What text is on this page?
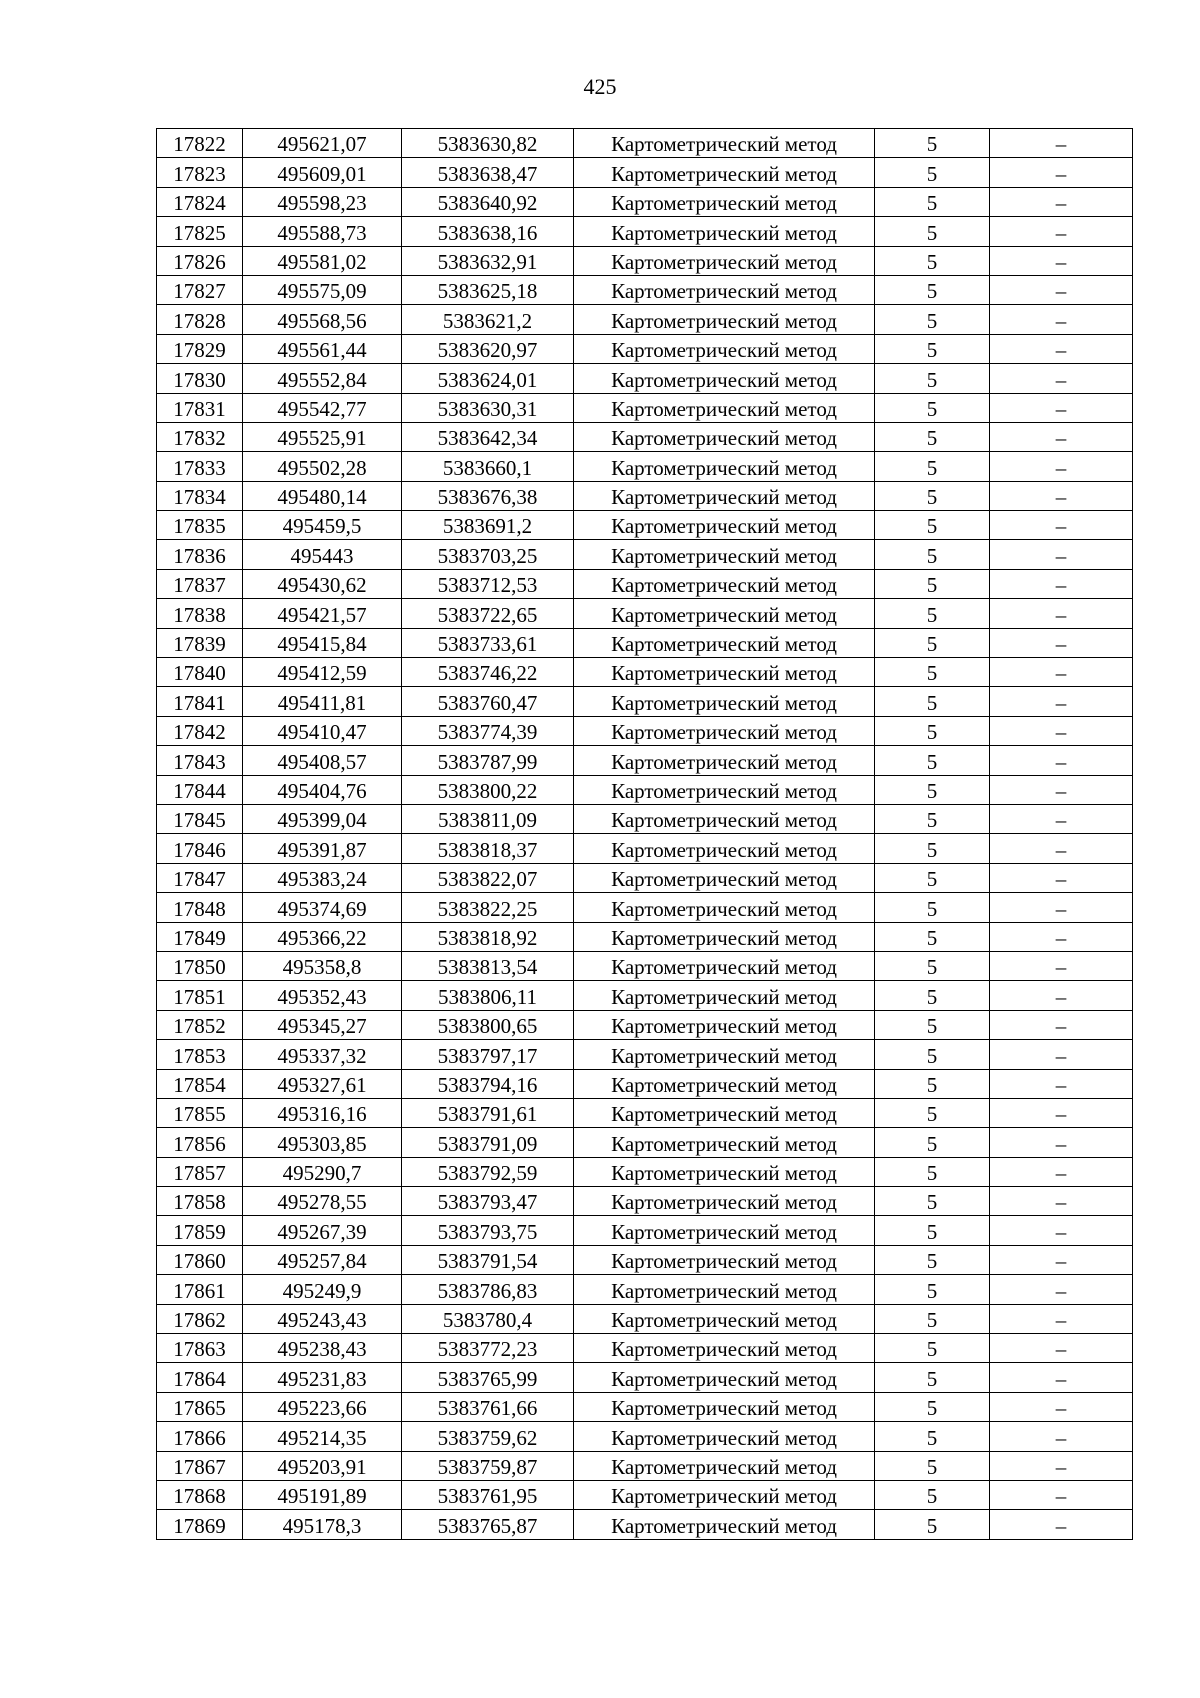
425
17822	495621,07	5383630,82	Картометрический метод	5	–
17823	495609,01	5383638,47	Картометрический метод	5	–
17824	495598,23	5383640,92	Картометрический метод	5	–
17825	495588,73	5383638,16	Картометрический метод	5	–
17826	495581,02	5383632,91	Картометрический метод	5	–
17827	495575,09	5383625,18	Картометрический метод	5	–
17828	495568,56	5383621,2	Картометрический метод	5	–
17829	495561,44	5383620,97	Картометрический метод	5	–
17830	495552,84	5383624,01	Картометрический метод	5	–
17831	495542,77	5383630,31	Картометрический метод	5	–
17832	495525,91	5383642,34	Картометрический метод	5	–
17833	495502,28	5383660,1	Картометрический метод	5	–
17834	495480,14	5383676,38	Картометрический метод	5	–
17835	495459,5	5383691,2	Картометрический метод	5	–
17836	495443	5383703,25	Картометрический метод	5	–
17837	495430,62	5383712,53	Картометрический метод	5	–
17838	495421,57	5383722,65	Картометрический метод	5	–
17839	495415,84	5383733,61	Картометрический метод	5	–
17840	495412,59	5383746,22	Картометрический метод	5	–
17841	495411,81	5383760,47	Картометрический метод	5	–
17842	495410,47	5383774,39	Картометрический метод	5	–
17843	495408,57	5383787,99	Картометрический метод	5	–
17844	495404,76	5383800,22	Картометрический метод	5	–
17845	495399,04	5383811,09	Картометрический метод	5	–
17846	495391,87	5383818,37	Картометрический метод	5	–
17847	495383,24	5383822,07	Картометрический метод	5	–
17848	495374,69	5383822,25	Картометрический метод	5	–
17849	495366,22	5383818,92	Картометрический метод	5	–
17850	495358,8	5383813,54	Картометрический метод	5	–
17851	495352,43	5383806,11	Картометрический метод	5	–
17852	495345,27	5383800,65	Картометрический метод	5	–
17853	495337,32	5383797,17	Картометрический метод	5	–
17854	495327,61	5383794,16	Картометрический метод	5	–
17855	495316,16	5383791,61	Картометрический метод	5	–
17856	495303,85	5383791,09	Картометрический метод	5	–
17857	495290,7	5383792,59	Картометрический метод	5	–
17858	495278,55	5383793,47	Картометрический метод	5	–
17859	495267,39	5383793,75	Картометрический метод	5	–
17860	495257,84	5383791,54	Картометрический метод	5	–
17861	495249,9	5383786,83	Картометрический метод	5	–
17862	495243,43	5383780,4	Картометрический метод	5	–
17863	495238,43	5383772,23	Картометрический метод	5	–
17864	495231,83	5383765,99	Картометрический метод	5	–
17865	495223,66	5383761,66	Картометрический метод	5	–
17866	495214,35	5383759,62	Картометрический метод	5	–
17867	495203,91	5383759,87	Картометрический метод	5	–
17868	495191,89	5383761,95	Картометрический метод	5	–
17869	495178,3	5383765,87	Картометрический метод	5	–
